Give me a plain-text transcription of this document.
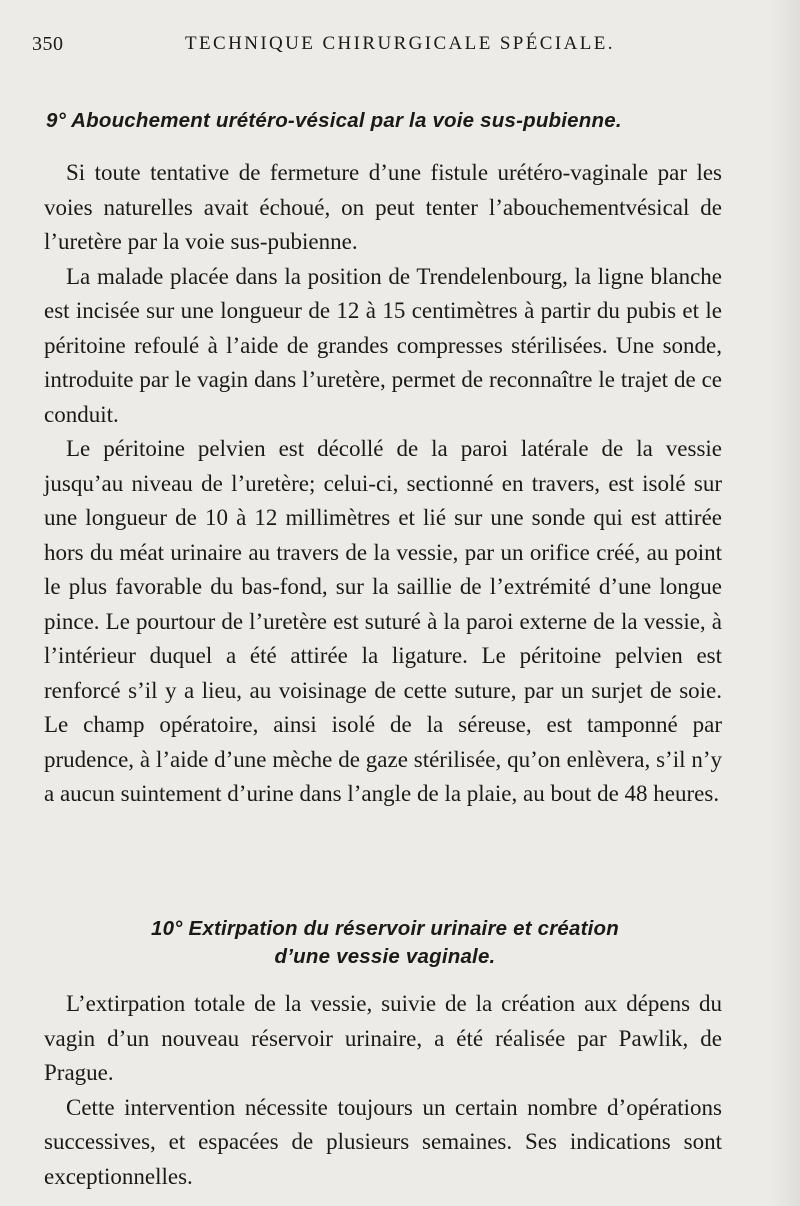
350	TECHNIQUE CHIRURGICALE SPÉCIALE.
9° Abouchement urétéro-vésical par la voie sus-pubienne.

Si toute tentative de fermeture d’une fistule urétéro-vaginale par les voies naturelles avait échoué, on peut tenter l’abouchementvésical de l’uretère par la voie sus-pubienne.

La malade placée dans la position de Trendelenbourg, la ligne blanche est incisée sur une longueur de 12 à 15 centimètres à partir du pubis et le péritoine refoulé à l’aide de grandes compresses stérilisées. Une sonde, introduite par le vagin dans l’uretère, permet de reconnaître le trajet de ce conduit.

Le péritoine pelvien est décollé de la paroi latérale de la vessie jusqu’au niveau de l’uretère; celui-ci, sectionné en travers, est isolé sur une longueur de 10 à 12 millimètres et lié sur une sonde qui est attirée hors du méat urinaire au travers de la vessie, par un orifice créé, au point le plus favorable du bas-fond, sur la saillie de l’extrémité d’une longue pince. Le pourtour de l’uretère est suturé à la paroi externe de la vessie, à l’intérieur duquel a été attirée la ligature. Le péritoine pelvien est renforcé s’il y a lieu, au voisinage de cette suture, par un surjet de soie. Le champ opératoire, ainsi isolé de la séreuse, est tamponné par prudence, à l’aide d’une mèche de gaze stérilisée, qu’on enlèvera, s’il n’y a aucun suintement d’urine dans l’angle de la plaie, au bout de 48 heures.

10° Extirpation du réservoir urinaire et création
d’une vessie vaginale.

L’extirpation totale de la vessie, suivie de la création aux dépens du vagin d’un nouveau réservoir urinaire, a été réalisée par Pawlik, de Prague.

Cette intervention nécessite toujours un certain nombre d’opérations successives, et espacées de plusieurs semaines. Ses indications sont exceptionnelles.
